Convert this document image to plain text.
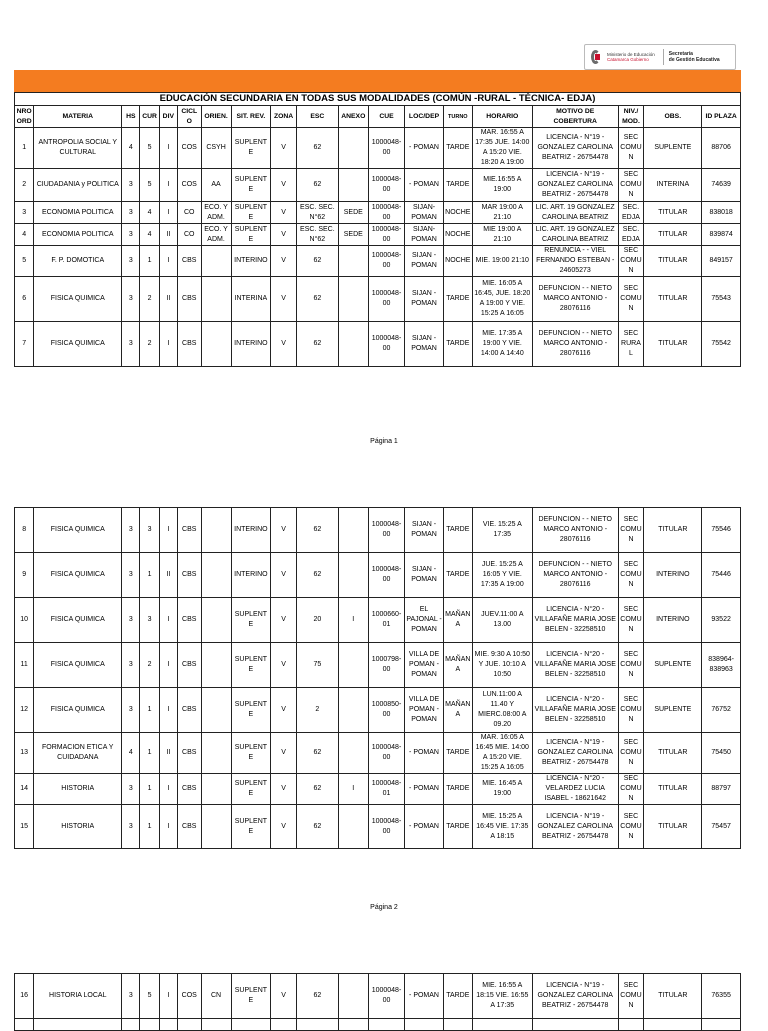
Ministerio de Educación
Catamarca Gobierno
Secretaría
de Gestión Educativa
EDUCACIÓN SECUNDARIA EN TODAS SUS MODALIDADES (COMÚN -RURAL - TÉCNICA- EDJA)																		
NRO ORD	MATERIA	HS	CUR	DIV	CICLO	ORIEN.	SIT. REV.	ZONA	ESC	ANEXO	CUE	LOC/DEP	TURNO	HORARIO	MOTIVO DE COBERTURA	NIV./ MOD.	OBS.	ID PLAZA
1	ANTROPOLIA SOCIAL Y CULTURAL	4	5	I	COS	CSYH	SUPLENT E	V	62		1000048-00	- POMAN	TARDE	MAR. 16:55 A 17:35 JUE. 14:00 A 15:20 VIE. 18:20 A 19:00	LICENCIA - N°19 - GONZALEZ CAROLINA BEATRIZ - 26754478	SEC COMU N	SUPLENTE	88706
2	CIUDADANIA y POLITICA	3	5	I	COS	AA	SUPLENT E	V	62		1000048-00	- POMAN	TARDE	MIE.16:55 A 19:00	LICENCIA - N°19 - GONZALEZ CAROLINA BEATRIZ - 26754478	SEC COMU N	INTERINA	74639
3	ECONOMIA POLITICA	3	4	I	CO	ECO. Y ADM.	SUPLENT E	V	ESC. SEC. N°62	SEDE	1000048-00	SIJAN-POMAN	NOCHE	MAR 19:00 A 21:10	LIC. ART. 19 GONZALEZ CAROLINA BEATRIZ	SEC. EDJA	TITULAR	838018
4	ECONOMIA POLITICA	3	4	II	CO	ECO. Y ADM.	SUPLENT E	V	ESC. SEC. N°62	SEDE	1000048-00	SIJAN-POMAN	NOCHE	MIE 19:00 A 21:10	LIC. ART. 19 GONZALEZ CAROLINA BEATRIZ	SEC. EDJA	TITULAR	839874
5	F. P. DOMOTICA	3	1	I	CBS		INTERINO	V	62		1000048-00	SIJAN - POMAN	NOCHE	MIE. 19:00 21:10	RENUNCIA - - VIEL FERNANDO ESTEBAN - 24605273	SEC COMU N	TITULAR	849157
6	FISICA QUIMICA	3	2	II	CBS		INTERINA	V	62		1000048-00	SIJAN - POMAN	TARDE	MIE. 16:05 A 16:45, JUE. 18:20 A 19:00 Y VIE. 15:25 A 16:05	DEFUNCION - - NIETO MARCO ANTONIO - 28076116	SEC COMU N	TITULAR	75543
7	FISICA QUIMICA	3	2	I	CBS		INTERINO	V	62		1000048-00	SIJAN - POMAN	TARDE	MIE. 17:35 A 19:00 Y VIE. 14:00 A 14:40	DEFUNCION - - NIETO MARCO ANTONIO - 28076116	SEC RURAL	TITULAR	75542
Página 1
8	FISICA QUIMICA	3	3	I	CBS		INTERINO	V	62		1000048-00	SIJAN - POMAN	TARDE	VIE. 15:25 A 17:35	DEFUNCION - - NIETO MARCO ANTONIO - 28076116	SEC COMU N	TITULAR	75546
9	FISICA QUIMICA	3	1	II	CBS		INTERINO	V	62		1000048-00	SIJAN - POMAN	TARDE	JUE. 15:25 A 16:05 Y VIE. 17:35 A 19:00	DEFUNCION - - NIETO MARCO ANTONIO - 28076116	SEC COMU N	INTERINO	75446
10	FISICA QUIMICA	3	3	I	CBS		SUPLENT E	V	20	I	1000660-01	EL PAJONAL - POMAN	MAÑAN A	JUEV.11:00 A 13.00	LICENCIA - N°20 - VILLAFAÑE MARIA JOSE BELEN - 32258510	SEC COMU N	INTERINO	93522
11	FISICA QUIMICA	3	2	I	CBS		SUPLENT E	V	75		1000798-00	VILLA DE POMAN - POMAN	MAÑAN A	MIE. 9:30 A 10:50 Y JUE. 10:10 A 10:50	LICENCIA - N°20 - VILLAFAÑE MARIA JOSE BELEN - 32258510	SEC COMU N	SUPLENTE	838964-838963
12	FISICA QUIMICA	3	1	I	CBS		SUPLENT E	V	2		1000850-00	VILLA DE POMAN - POMAN	MAÑAN A	LUN.11:00 A 11.40 Y MIERC.08:00 A 09.20	LICENCIA - N°20 - VILLAFAÑE MARIA JOSE BELEN - 32258510	SEC COMU N	SUPLENTE	76752
13	FORMACION ETICA Y CUIDADANA	4	1	II	CBS		SUPLENT E	V	62		1000048-00	- POMAN	TARDE	MAR. 16:05 A 16:45 MIE. 14:00 A 15:20 VIE. 15:25 A 16:05	LICENCIA - N°19 - GONZALEZ CAROLINA BEATRIZ - 26754478	SEC COMU N	TITULAR	75450
14	HISTORIA	3	1	I	CBS		SUPLENT E	V	62	I	1000048-01	- POMAN	TARDE	MIE. 16:45 A 19:00	LICENCIA - N°20 - VELARDEZ LUCIA ISABEL - 18621642	SEC COMU N	TITULAR	88797
15	HISTORIA	3	1	I	CBS		SUPLENT E	V	62		1000048-00	- POMAN	TARDE	MIE. 15:25 A 16:45 VIE. 17:35 A 18:15	LICENCIA - N°19 - GONZALEZ CAROLINA BEATRIZ - 26754478	SEC COMU N	TITULAR	75457
Página 2
16	HISTORIA LOCAL	3	5	I	COS	CN	SUPLENT E	V	62		1000048-00	- POMAN	TARDE	MIE. 16:55 A 18:15 VIE. 16:55 A 17:35	LICENCIA - N°19 - GONZALEZ CAROLINA BEATRIZ - 26754478	SEC COMU N	TITULAR	76355
